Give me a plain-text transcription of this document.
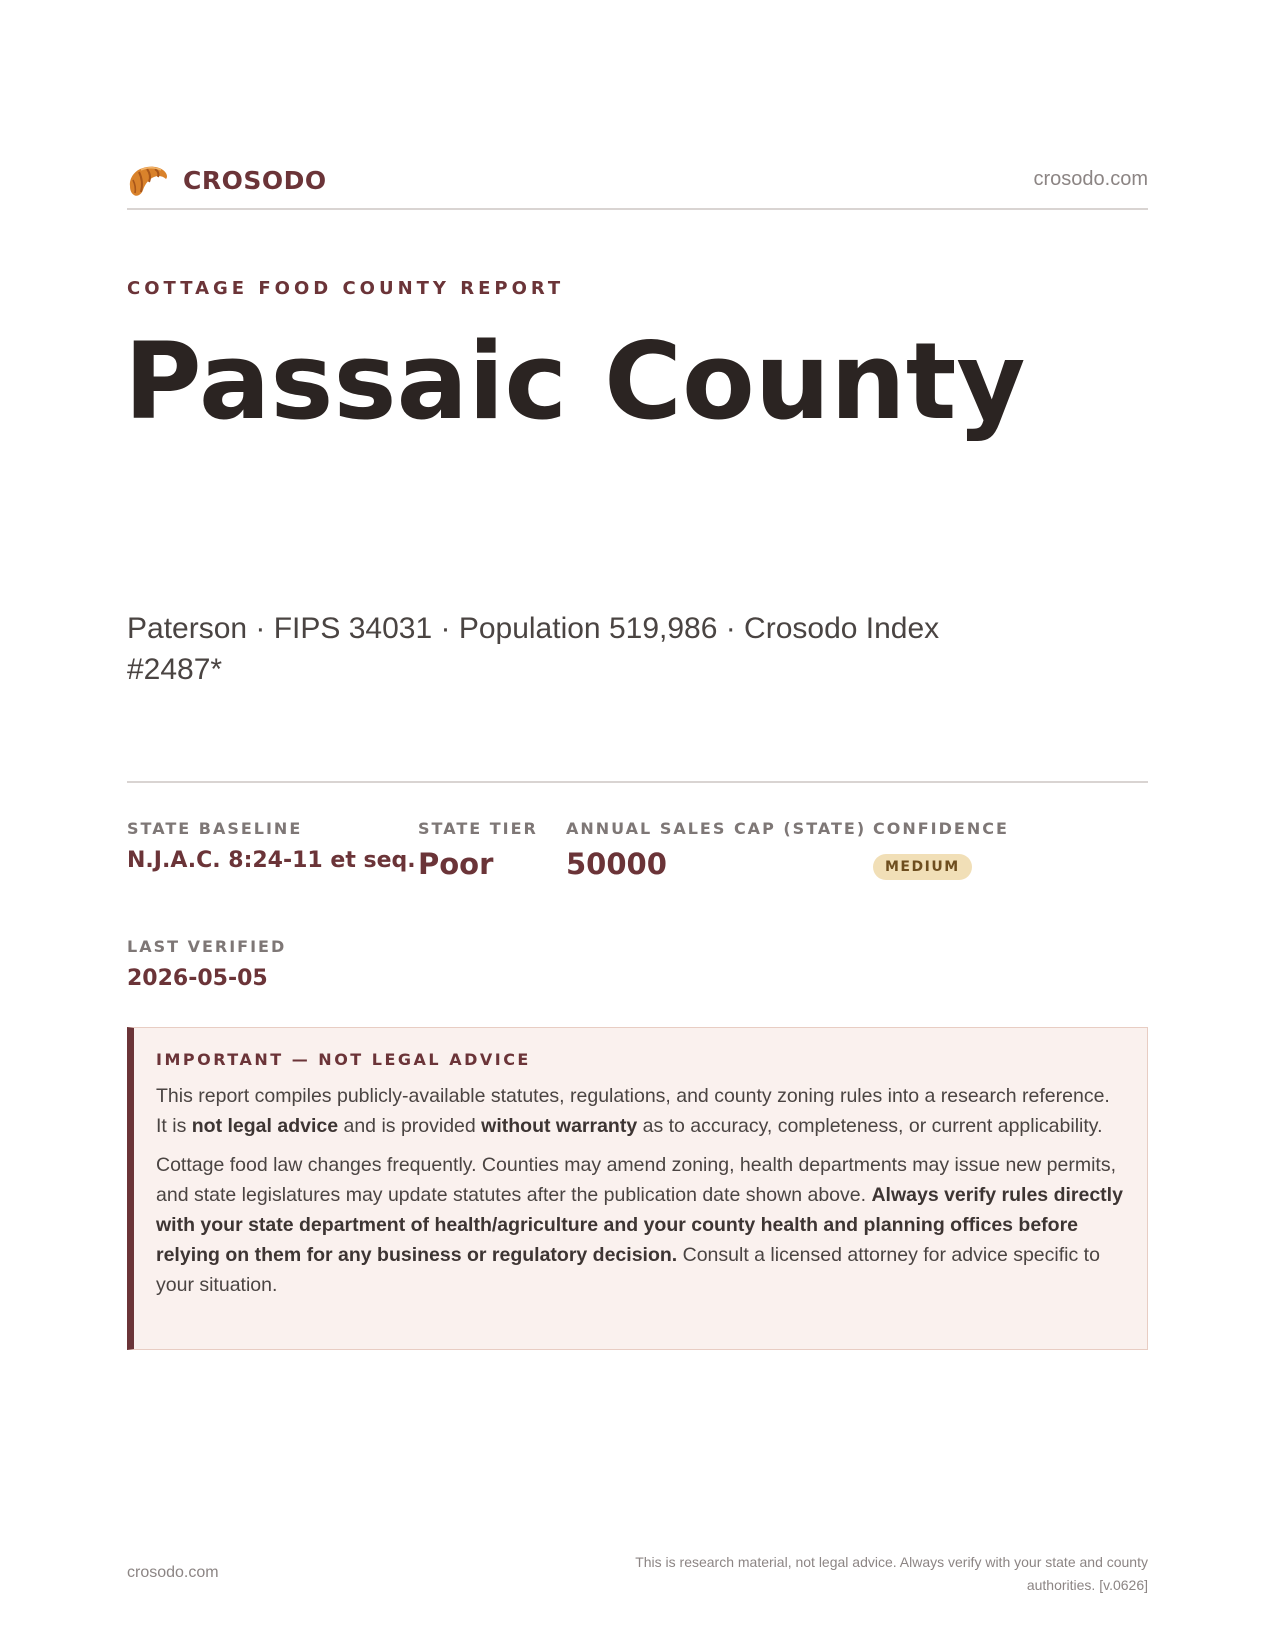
CROSODO	crosodo.com
COTTAGE FOOD COUNTY REPORT
Passaic County
Paterson · FIPS 34031 · Population 519,986 · Crosodo Index #2487*
STATE BASELINE
N.J.A.C. 8:24-11 et seq.
STATE TIER
Poor
ANNUAL SALES CAP (STATE)
50000
CONFIDENCE
MEDIUM
LAST VERIFIED
2026-05-05
IMPORTANT — NOT LEGAL ADVICE

This report compiles publicly-available statutes, regulations, and county zoning rules into a research reference. It is not legal advice and is provided without warranty as to accuracy, completeness, or current applicability.

Cottage food law changes frequently. Counties may amend zoning, health departments may issue new permits, and state legislatures may update statutes after the publication date shown above. Always verify rules directly with your state department of health/agriculture and your county health and planning offices before relying on them for any business or regulatory decision. Consult a licensed attorney for advice specific to your situation.

crosodo.com
This is research material, not legal advice. Always verify with your state and county authorities. [v.0626]
